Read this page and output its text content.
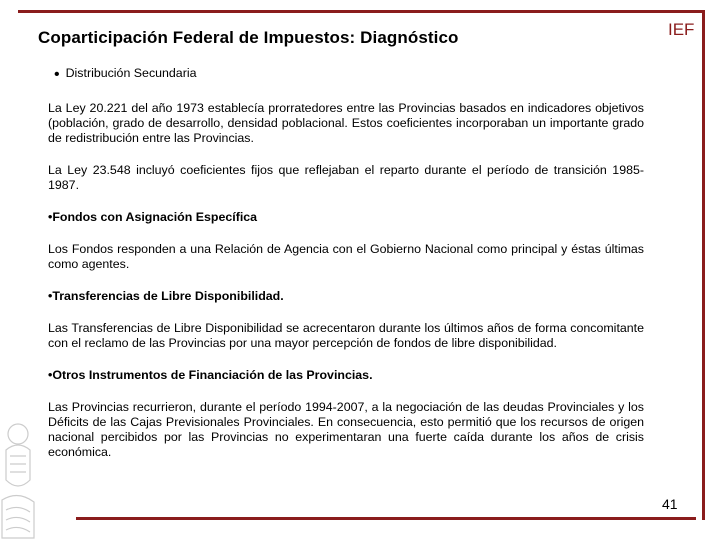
Coparticipación Federal de Impuestos: Diagnóstico	IEF
• Distribución Secundaria

La Ley 20.221 del año 1973 establecía prorratedores entre las Provincias basados en indicadores objetivos (población, grado de desarrollo, densidad poblacional. Estos coeficientes incorporaban un importante grado de redistribución entre las Provincias.

La Ley 23.548 incluyó coeficientes fijos que reflejaban el reparto durante el período de transición 1985-1987.

•Fondos con Asignación Específica

Los Fondos responden a una Relación de Agencia con el Gobierno Nacional como principal y éstas últimas como agentes.

•Transferencias de Libre Disponibilidad.

Las Transferencias de Libre Disponibilidad se acrecentaron durante los últimos años de forma concomitante con el reclamo de las Provincias por una mayor percepción de fondos de libre disponibilidad.

•Otros Instrumentos de Financiación de las Provincias.

Las Provincias recurrieron, durante el período 1994-2007, a la negociación de las deudas Provinciales y los Déficits de las Cajas Previsionales Provinciales. En consecuencia, esto permitió que los recursos de origen nacional percibidos por las Provincias no experimentaran una fuerte caída durante los años de crisis económica.

41
